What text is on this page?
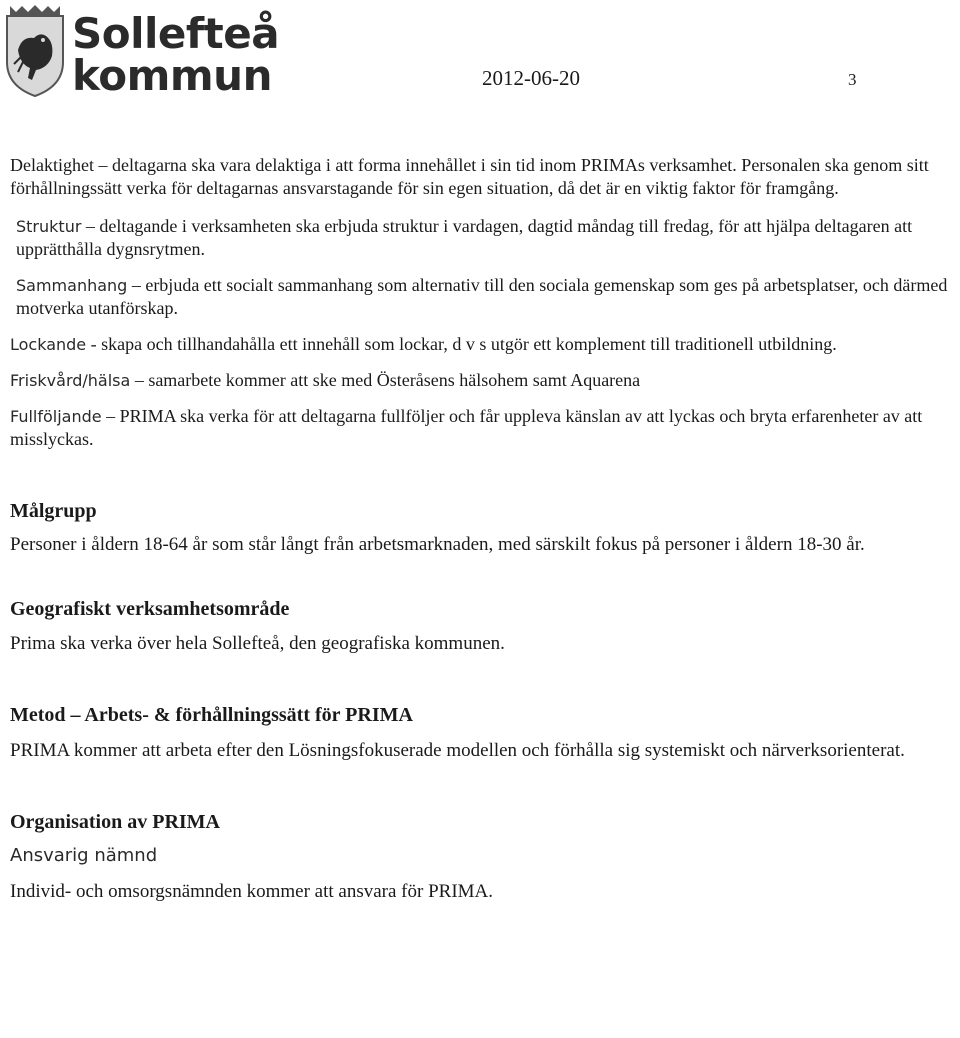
Sollefteå
kommun	2012-06-20	3

Delaktighet – deltagarna ska vara delaktiga i att forma innehållet i sin tid inom PRIMAs verksamhet. Personalen ska genom sitt förhållningssätt verka för deltagarnas ansvarstagande för sin egen situation, då det är en viktig faktor för framgång.

Struktur – deltagande i verksamheten ska erbjuda struktur i vardagen, dagtid måndag till fredag, för att hjälpa deltagaren att upprätthålla dygnsrytmen.

Sammanhang – erbjuda ett socialt sammanhang som alternativ till den sociala gemenskap som ges på arbetsplatser, och därmed motverka utanförskap.

Lockande - skapa och tillhandahålla ett innehåll som lockar, d v s utgör ett komplement till traditionell utbildning.

Friskvård/hälsa – samarbete kommer att ske med Österåsens hälsohem samt Aquarena

Fullföljande – PRIMA ska verka för att deltagarna fullföljer och får uppleva känslan av att lyckas och bryta erfarenheter av att misslyckas.

Målgrupp

Personer i åldern 18-64 år som står långt från arbetsmarknaden, med särskilt fokus på personer i åldern 18-30 år.

Geografiskt verksamhetsområde

Prima ska verka över hela Sollefteå, den geografiska kommunen.

Metod – Arbets- & förhållningssätt för PRIMA

PRIMA kommer att arbeta efter den Lösningsfokuserade modellen och förhålla sig systemiskt och närverksorienterat.

Organisation av PRIMA

Ansvarig nämnd

Individ- och omsorgsnämnden kommer att ansvara för PRIMA.
